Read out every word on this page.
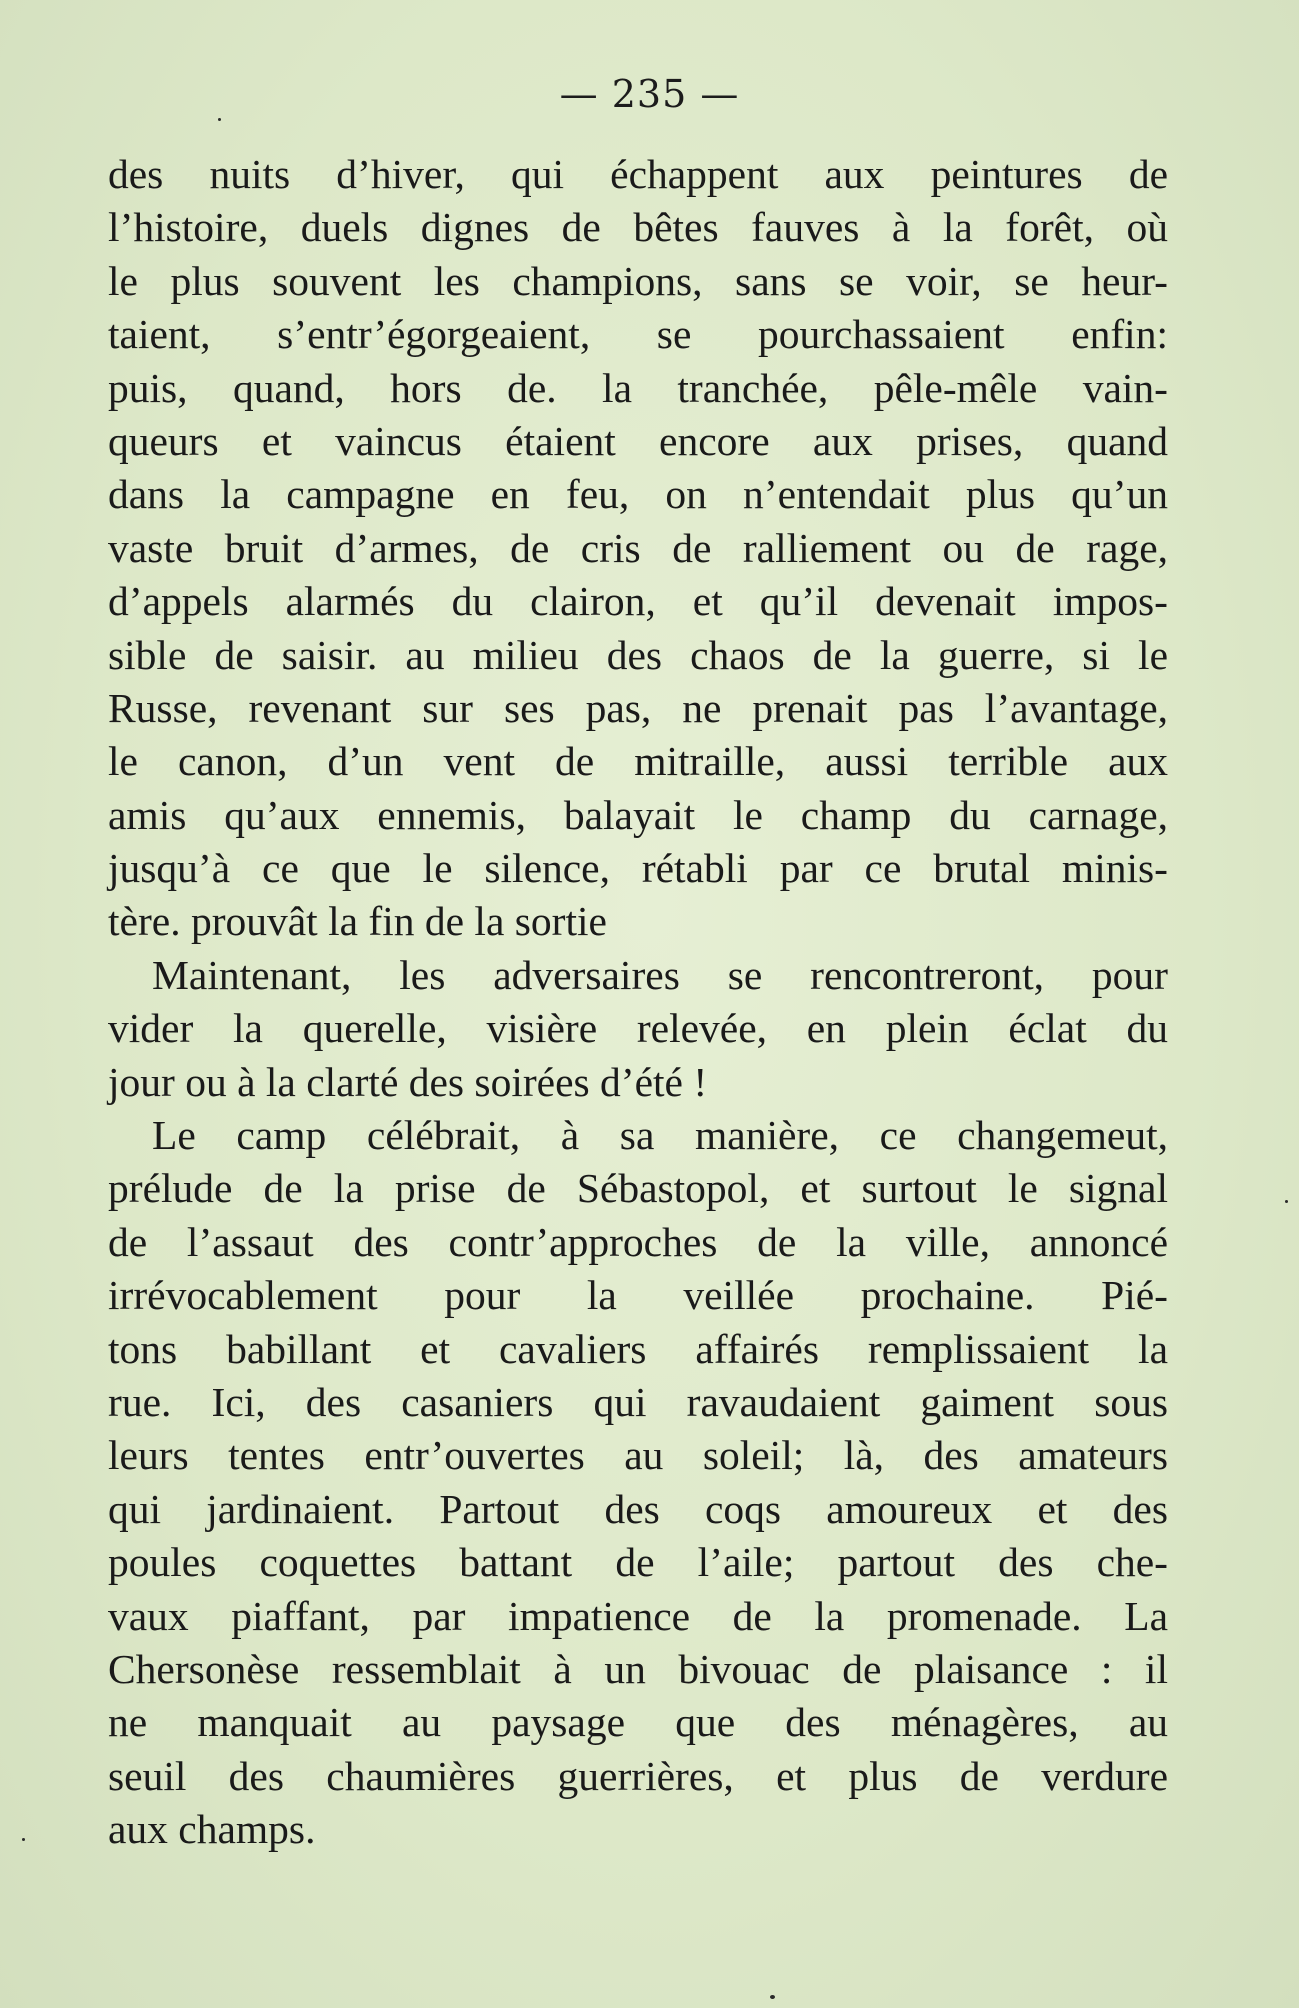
— 235 —
des nuits d’hiver, qui échappent aux peintures de
l’histoire, duels dignes de bêtes fauves à la forêt, où
le plus souvent les champions, sans se voir, se heur-
taient, s’entr’égorgeaient, se pourchassaient enfin:
puis, quand, hors de. la tranchée, pêle-mêle vain-
queurs et vaincus étaient encore aux prises, quand
dans la campagne en feu, on n’entendait plus qu’un
vaste bruit d’armes, de cris de ralliement ou de rage,
d’appels alarmés du clairon, et qu’il devenait impos-
sible de saisir. au milieu des chaos de la guerre, si le
Russe, revenant sur ses pas, ne prenait pas l’avantage,
le canon, d’un vent de mitraille, aussi terrible aux
amis qu’aux ennemis, balayait le champ du carnage,
jusqu’à ce que le silence, rétabli par ce brutal minis-
tère. prouvât la fin de la sortie
Maintenant, les adversaires se rencontreront, pour
vider la querelle, visière relevée, en plein éclat du
jour ou à la clarté des soirées d’été !
Le camp célébrait, à sa manière, ce changemeut,
prélude de la prise de Sébastopol, et surtout le signal
de l’assaut des contr’approches de la ville, annoncé
irrévocablement pour la veillée prochaine. Pié-
tons babillant et cavaliers affairés remplissaient la
rue. Ici, des casaniers qui ravaudaient gaiment sous
leurs tentes entr’ouvertes au soleil; là, des amateurs
qui jardinaient. Partout des coqs amoureux et des
poules coquettes battant de l’aile; partout des che-
vaux piaffant, par impatience de la promenade. La
Chersonèse ressemblait à un bivouac de plaisance : il
ne manquait au paysage que des ménagères, au
seuil des chaumières guerrières, et plus de verdure
aux champs.
